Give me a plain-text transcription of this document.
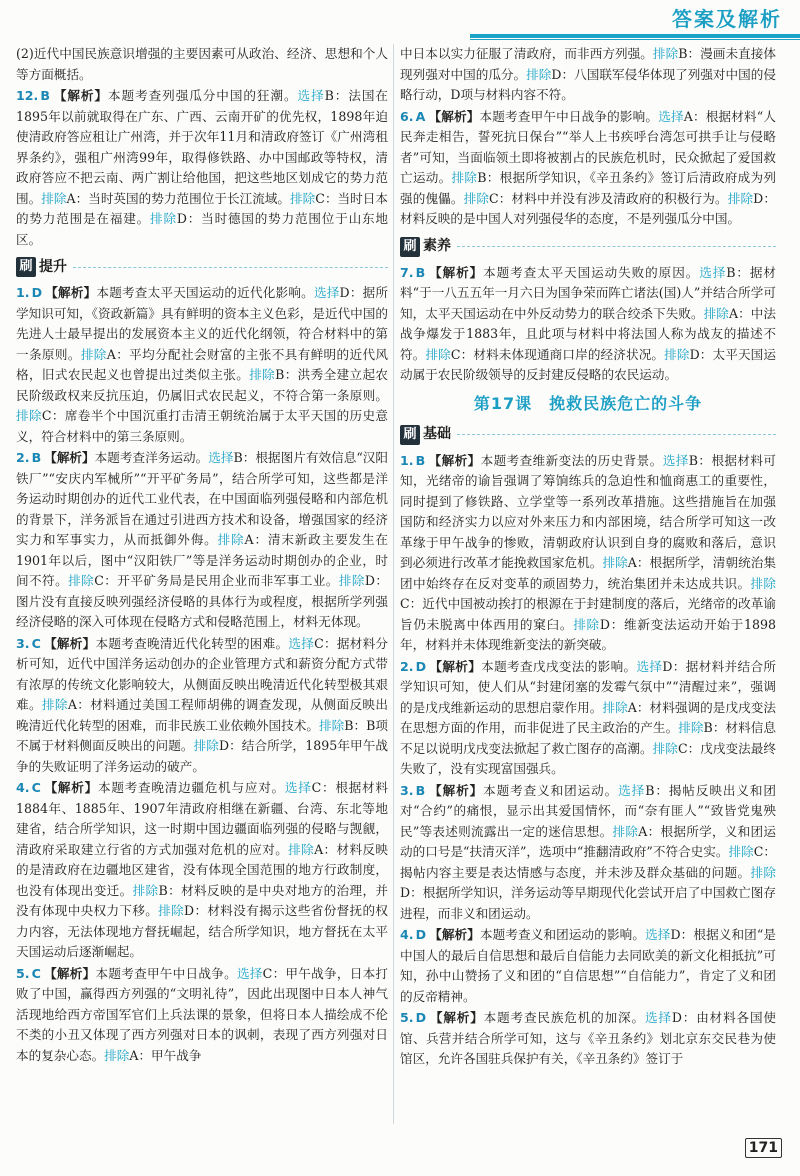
答案及解析
(2)近代中国民族意识增强的主要因素可从政治、经济、思想和个人等方面概括。
12. B 【解析】本题考查列强瓜分中国的狂潮。选择B：法国在1895年以前就取得在广东、广西、云南开矿的优先权，1898年迫使清政府答应租让广州湾，并于次年11月和清政府签订《广州湾租界条约》，强租广州湾99年，取得修铁路、办中国邮政等特权，清政府答应不把云南、两广割让给他国，把这些地区划成它的势力范围。排除A：当时英国的势力范围位于长江流域。排除C：当时日本的势力范围是在福建。排除D：当时德国的势力范围位于山东地区。
刷 提升
1. D 【解析】本题考查太平天国运动的近代化影响。选择D：据所学知识可知，《资政新篇》具有鲜明的资本主义色彩，是近代中国的先进人士最早提出的发展资本主义的近代化纲领，符合材料中的第一条原则。排除A：平均分配社会财富的主张不具有鲜明的近代风格，旧式农民起义也曾提出过类似主张。排除B：洪秀全建立起农民阶级政权来反抗压迫，仍属旧式农民起义，不符合第一条原则。排除C：席卷半个中国沉重打击清王朝统治属于太平天国的历史意义，符合材料中的第三条原则。
2. B 【解析】本题考查洋务运动。选择B：根据图片有效信息“汉阳铁厂”“安庆内军械所”“开平矿务局”，结合所学可知，这些都是洋务运动时期创办的近代工业代表，在中国面临列强侵略和内部危机的背景下，洋务派旨在通过引进西方技术和设备，增强国家的经济实力和军事实力，从而抵御外侮。排除A：清末新政主要发生在1901年以后，图中“汉阳铁厂”等是洋务运动时期创办的企业，时间不符。排除C：开平矿务局是民用企业而非军事工业。排除D：图片没有直接反映列强经济侵略的具体行为或程度，根据所学列强经济侵略的深入可体现在侵略方式和侵略范围上，材料无体现。
3. C 【解析】本题考查晚清近代化转型的困难。选择C：据材料分析可知，近代中国洋务运动创办的企业管理方式和薪资分配方式带有浓厚的传统文化影响较大，从侧面反映出晚清近代化转型极其艰难。排除A：材料通过美国工程师胡佛的调查发现，从侧面反映出晚清近代化转型的困难，而非民族工业依赖外国技术。排除B：B项不属于材料侧面反映出的问题。排除D：结合所学，1895年甲午战争的失败证明了洋务运动的破产。
4. C 【解析】本题考查晚清边疆危机与应对。选择C：根据材料1884年、1885年、1907年清政府相继在新疆、台湾、东北等地建省，结合所学知识，这一时期中国边疆面临列强的侵略与觊觎，清政府采取建立行省的方式加强对危机的应对。排除A：材料反映的是清政府在边疆地区建省，没有体现全国范围的地方行政制度，也没有体现出变迁。排除B：材料反映的是中央对地方的治理，并没有体现中央权力下移。排除D：材料没有揭示这些省份督抚的权力内容，无法体现地方督抚崛起，结合所学知识，地方督抚在太平天国运动后逐渐崛起。
5. C 【解析】本题考查甲午中日战争。选择C：甲午战争，日本打败了中国，赢得西方列强的“文明礼待”，因此出现图中日本人神气活现地给西方帝国军官们上兵法课的景象，但将日本人描绘成不伦不类的小丑又体现了西方列强对日本的讽刺，表现了西方列强对日本的复杂心态。排除A：甲午战争
中日本以实力征服了清政府，而非西方列强。排除B：漫画未直接体现列强对中国的瓜分。排除D：八国联军侵华体现了列强对中国的侵略行动，D项与材料内容不符。
6. A 【解析】本题考查甲午中日战争的影响。选择A：根据材料“人民奔走相告，誓死抗日保台”“举人上书疾呼台湾怎可拱手让与侵略者”可知，当面临领土即将被割占的民族危机时，民众掀起了爱国救亡运动。排除B：根据所学知识，《辛丑条约》签订后清政府成为列强的傀儡。排除C：材料中并没有涉及清政府的积极行为。排除D：材料反映的是中国人对列强侵华的态度，不是列强瓜分中国。
刷 素养
7. B 【解析】本题考查太平天国运动失败的原因。选择B：据材料“于一八五五年一月六日为国争荣而阵亡诸法(国)人”并结合所学可知，太平天国运动在中外反动势力的联合绞杀下失败。排除A：中法战争爆发于1883年，且此项与材料中将法国人称为战友的描述不符。排除C：材料未体现通商口岸的经济状况。排除D：太平天国运动属于农民阶级领导的反封建反侵略的农民运动。
第17课　挽救民族危亡的斗争
刷 基础
1. B 【解析】本题考查维新变法的历史背景。选择B：根据材料可知，光绪帝的谕旨强调了筹饷练兵的急迫性和恤商惠工的重要性，同时提到了修铁路、立学堂等一系列改革措施。这些措施旨在加强国防和经济实力以应对外来压力和内部困境，结合所学可知这一改革缘于甲午战争的惨败，清朝政府认识到自身的腐败和落后，意识到必须进行改革才能挽救国家危机。排除A：根据所学，清朝统治集团中始终存在反对变革的顽固势力，统治集团并未达成共识。排除C：近代中国被动挨打的根源在于封建制度的落后，光绪帝的改革谕旨仍未脱离中体西用的窠臼。排除D：维新变法运动开始于1898年，材料并未体现维新变法的新突破。
2. D 【解析】本题考查戊戌变法的影响。选择D：据材料并结合所学知识可知，使人们从“封建闭塞的发霉气氛中”“清醒过来”，强调的是戊戌维新运动的思想启蒙作用。排除A：材料强调的是戊戌变法在思想方面的作用，而非促进了民主政治的产生。排除B：材料信息不足以说明戊戌变法掀起了救亡图存的高潮。排除C：戊戌变法最终失败了，没有实现富国强兵。
3. B 【解析】本题考查义和团运动。选择B：揭帖反映出义和团对“合约”的痛恨，显示出其爱国情怀，而“奈有匪人”“致皆党鬼殃民”等表述则流露出一定的迷信思想。排除A：根据所学，义和团运动的口号是“扶清灭洋”，选项中“推翻清政府”不符合史实。排除C：揭帖内容主要是表达情感与态度，并未涉及群众基础的问题。排除D：根据所学知识，洋务运动等早期现代化尝试开启了中国救亡图存进程，而非义和团运动。
4. D 【解析】本题考查义和团运动的影响。选择D：根据义和团“是中国人的最后自信思想和最后自信能力去同欧美的新文化相抵抗”可知，孙中山赞扬了义和团的“自信思想”“自信能力”，肯定了义和团的反帝精神。
5. D 【解析】本题考查民族危机的加深。选择D：由材料各国使馆、兵营并结合所学可知，这与《辛丑条约》划北京东交民巷为使馆区，允许各国驻兵保护有关，《辛丑条约》签订于
171
